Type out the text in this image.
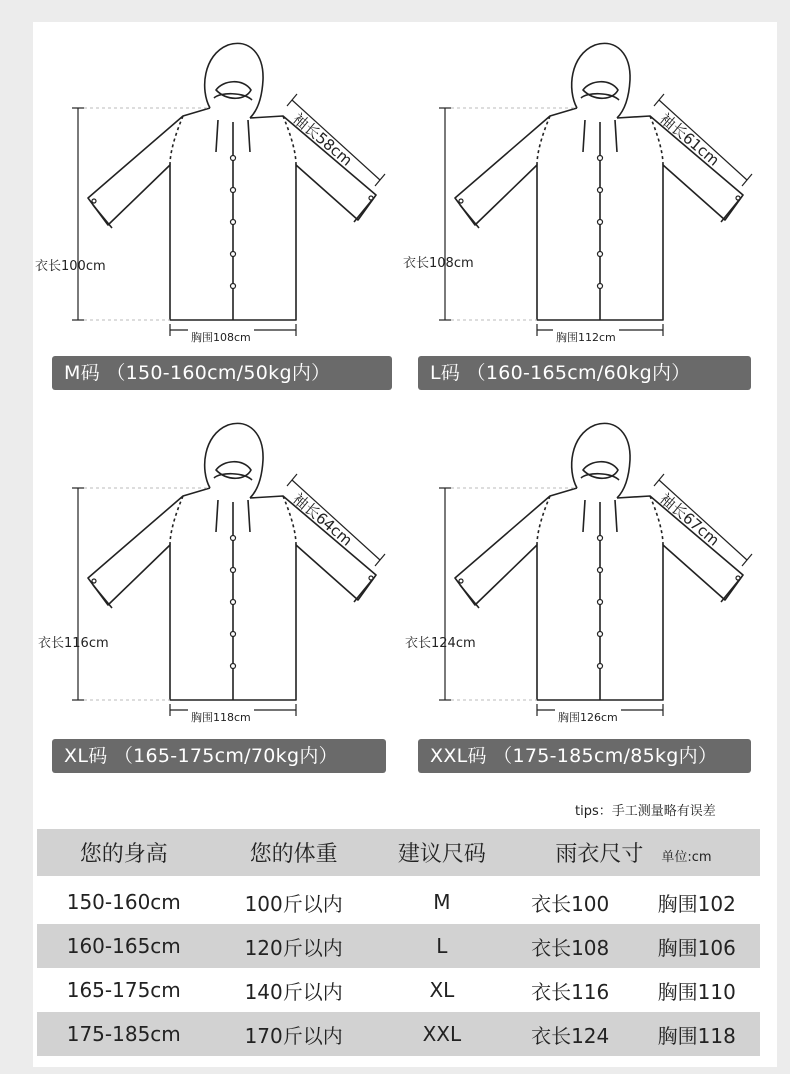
衣长100cm
胸围108cm
袖长58cm
M码 （150-160cm/50kg内）
衣长108cm
胸围112cm
袖长61cm
L码 （160-165cm/60kg内）
衣长116cm
胸围118cm
袖长64cm
XL码 （165-175cm/70kg内）
衣长124cm
胸围126cm
袖长67cm
XXL码 （175-185cm/85kg内）
tips：手工测量略有误差
您的身高	您的体重	建议尺码	雨衣尺寸 单位:cm	

150-160cm	100斤以内	M	衣长100	胸围102
160-165cm	120斤以内	L	衣长108	胸围106
165-175cm	140斤以内	XL	衣长116	胸围110
175-185cm	170斤以内	XXL	衣长124	胸围118
